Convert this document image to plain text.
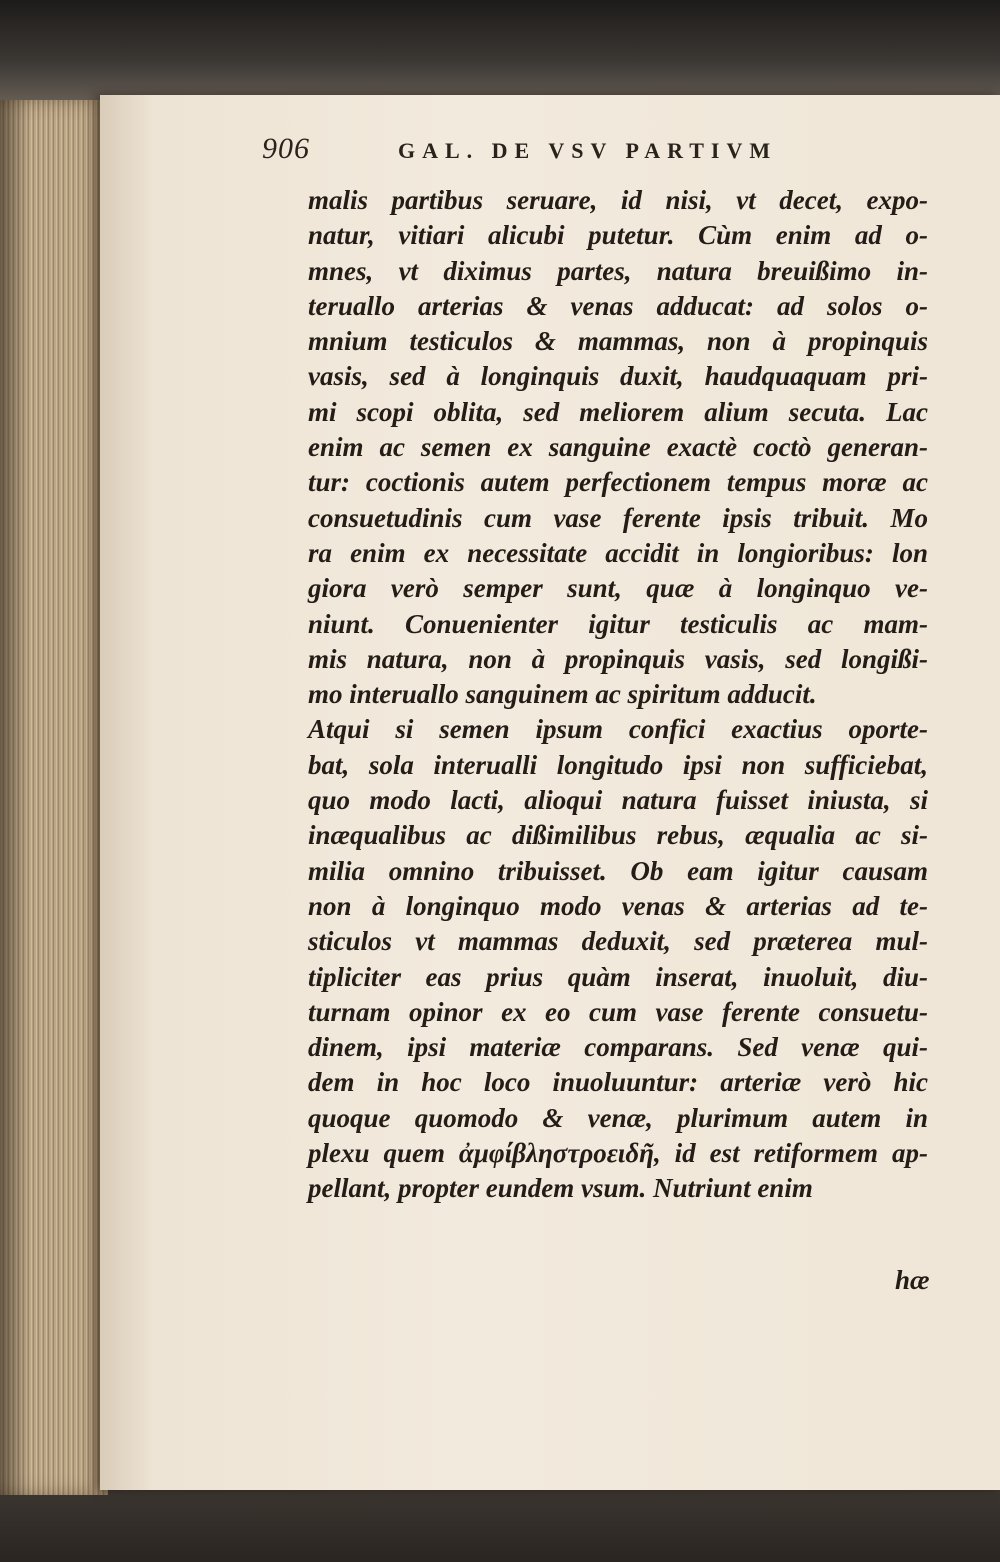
906	GAL. DE VSV PARTIVM
malis partibus seruare, id nisi, vt decet, expo-
natur, vitiari alicubi putetur. Cùm enim ad o-
mnes, vt diximus partes, natura breuißimo in-
teruallo arterias & venas adducat: ad solos o-
mnium testiculos & mammas, non à propinquis
vasis, sed à longinquis duxit, haudquaquam pri-
mi scopi oblita, sed meliorem alium secuta. Lac
enim ac semen ex sanguine exactè coctò generan-
tur: coctionis autem perfectionem tempus moræ ac
consuetudinis cum vase ferente ipsis tribuit. Mo
ra enim ex necessitate accidit in longioribus: lon
giora verò semper sunt, quæ à longinquo ve-
niunt. Conuenienter igitur testiculis ac mam-
mis natura, non à propinquis vasis, sed longißi-
mo interuallo sanguinem ac spiritum adducit.
Atqui si semen ipsum confici exactius oporte-
bat, sola interualli longitudo ipsi non sufficiebat,
quo modo lacti, alioqui natura fuisset iniusta, si
inæqualibus ac dißimilibus rebus, æqualia ac si-
milia omnino tribuisset. Ob eam igitur causam
non à longinquo modo venas & arterias ad te-
sticulos vt mammas deduxit, sed præterea mul-
tipliciter eas prius quàm inserat, inuoluit, diu-
turnam opinor ex eo cum vase ferente consuetu-
dinem, ipsi materiæ comparans. Sed venæ qui-
dem in hoc loco inuoluuntur: arteriæ verò hic
quoque quomodo & venæ, plurimum autem in
plexu quem ἀμφίβληστροειδῆ, id est retiformem ap-
pellant, propter eundem vsum. Nutriunt enim
hæ
